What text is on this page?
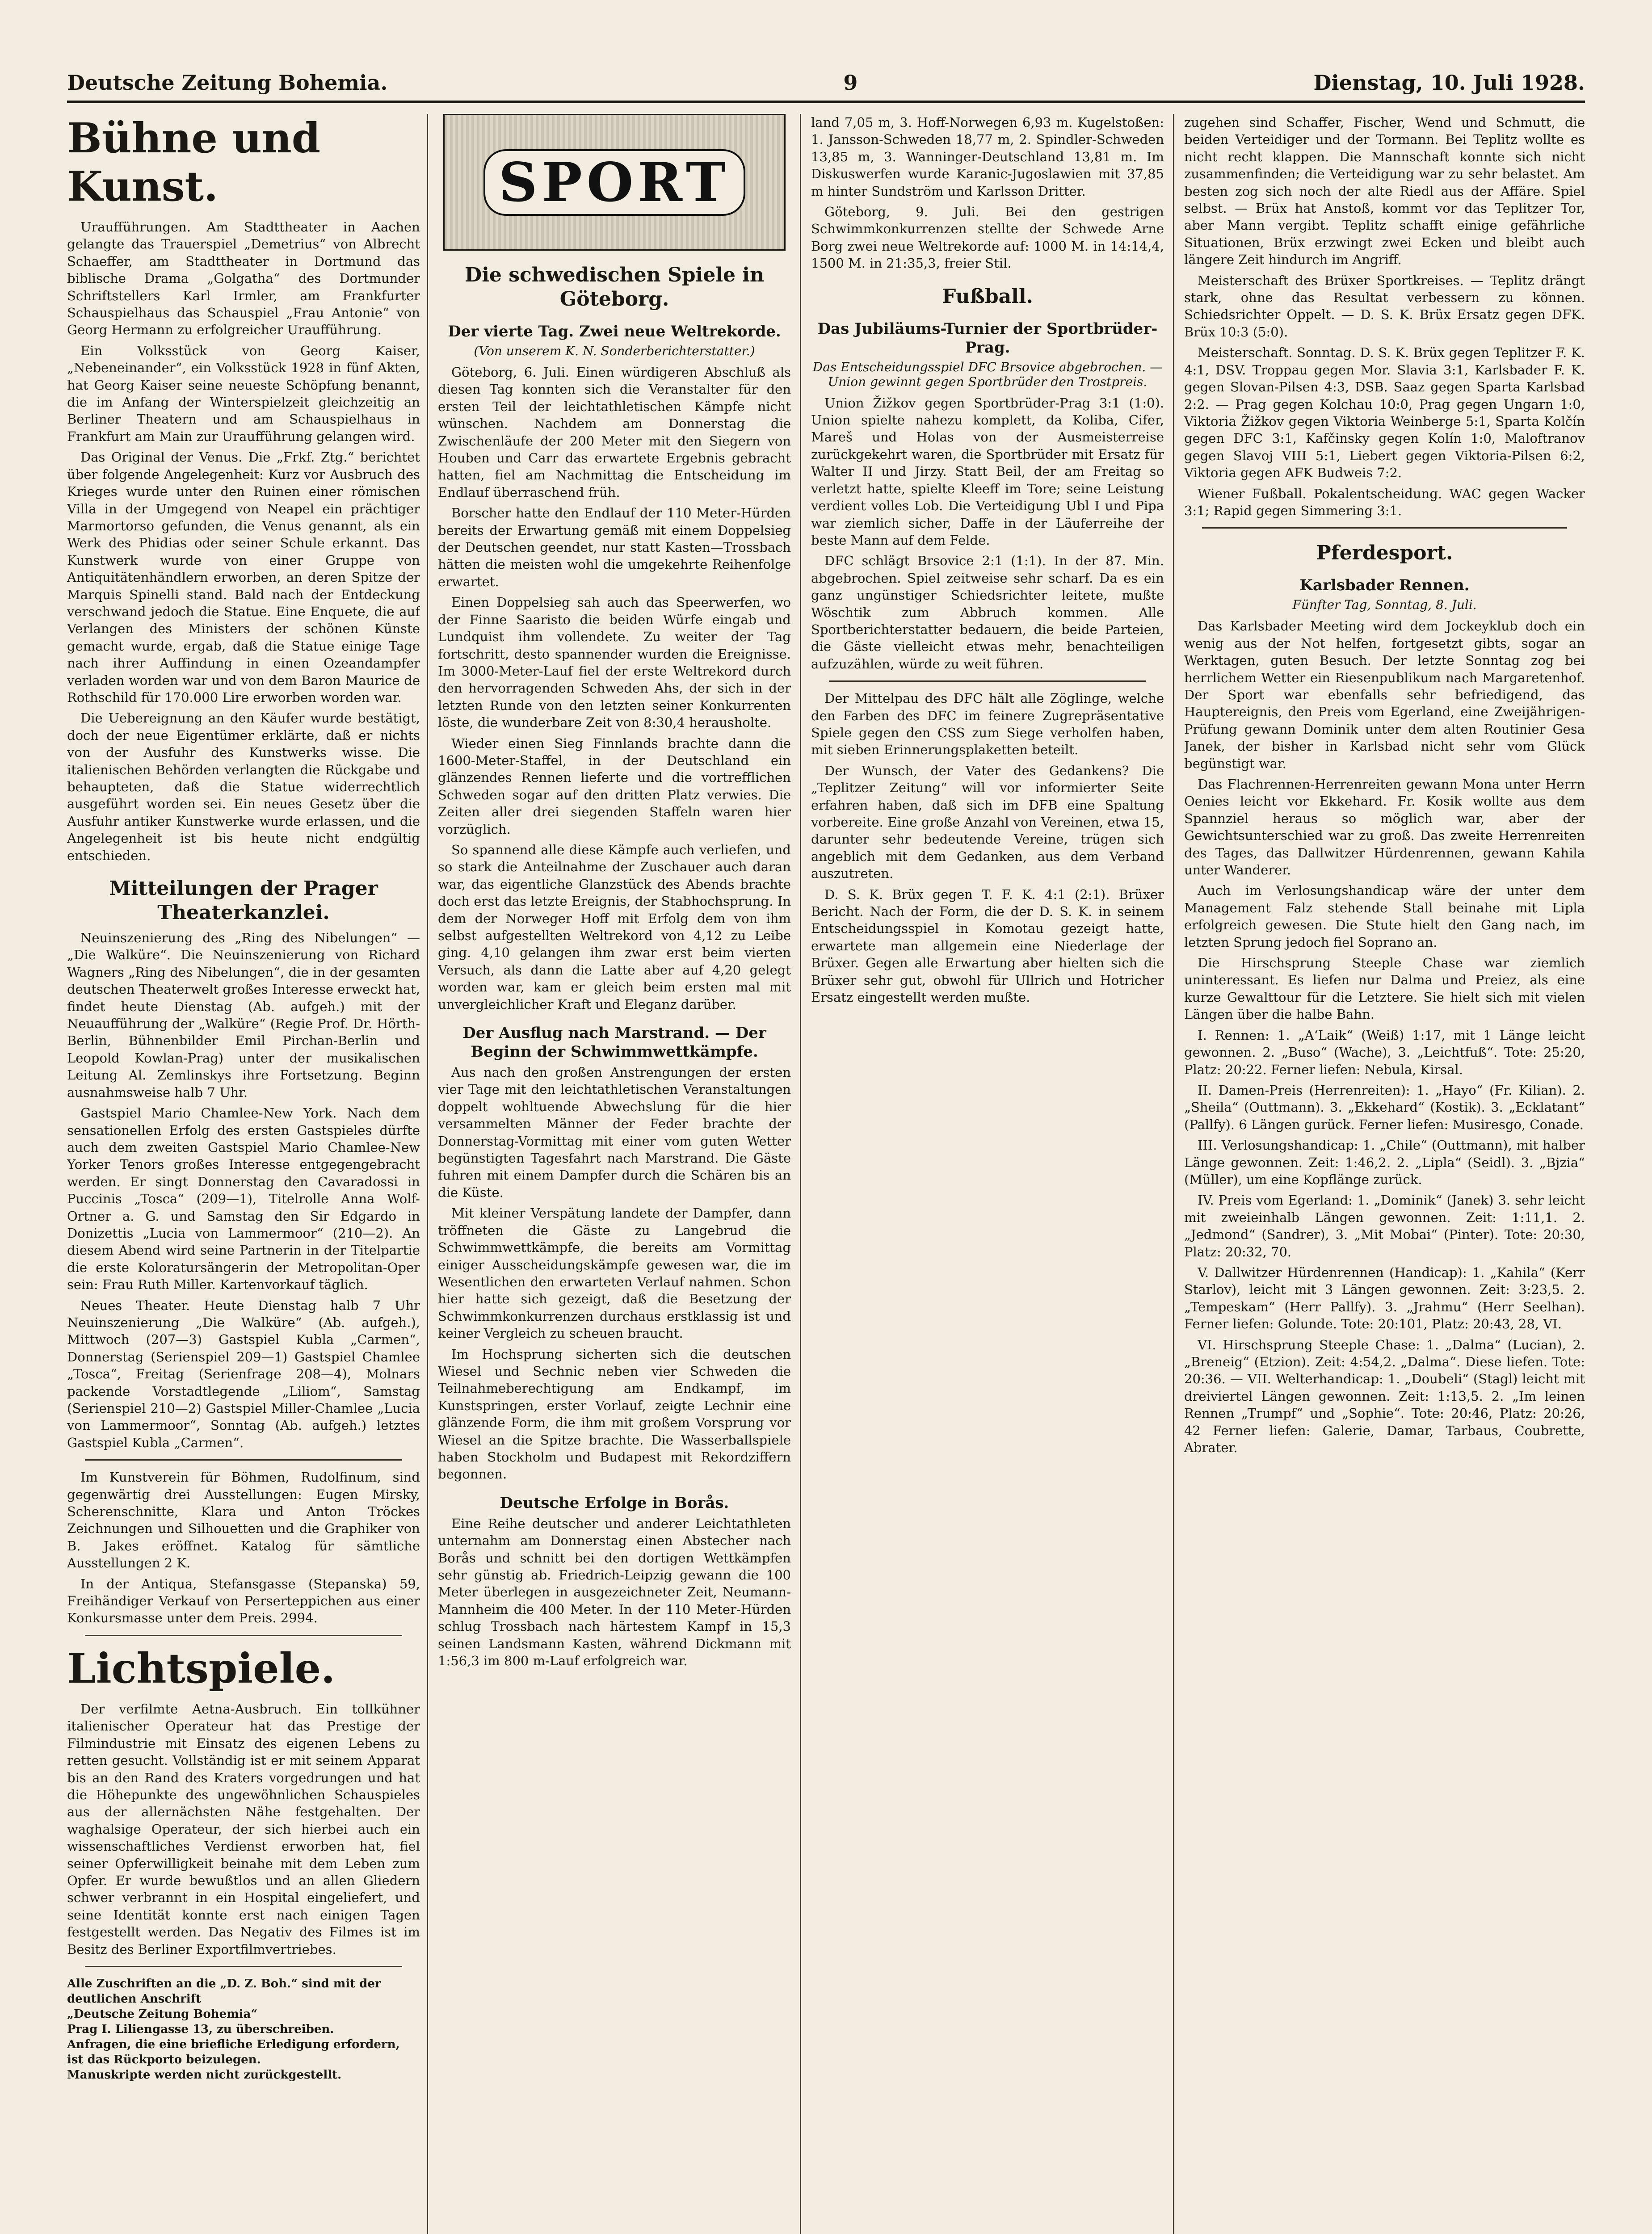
Deutsche Zeitung Bohemia.	9	Dienstag, 10. Juli 1928.
Bühne und Kunst.

Uraufführungen. Am Stadttheater in Aachen gelangte das Trauerspiel „Demetrius“ von Albrecht Schaeffer, am Stadttheater in Dortmund das biblische Drama „Golgatha“ des Dortmunder Schriftstellers Karl Irmler, am Frankfurter Schauspielhaus das Schauspiel „Frau Antonie“ von Georg Hermann zu erfolgreicher Uraufführung.

Ein Volksstück von Georg Kaiser, „Nebeneinander“, ein Volksstück 1928 in fünf Akten, hat Georg Kaiser seine neueste Schöpfung benannt, die im Anfang der Winterspielzeit gleichzeitig an Berliner Theatern und am Schauspielhaus in Frankfurt am Main zur Uraufführung gelangen wird.

Das Original der Venus. Die „Frkf. Ztg.“ berichtet über folgende Angelegenheit: Kurz vor Ausbruch des Krieges wurde unter den Ruinen einer römischen Villa in der Umgegend von Neapel ein prächtiger Marmortorso gefunden, die Venus genannt, als ein Werk des Phidias oder seiner Schule erkannt. Das Kunstwerk wurde von einer Gruppe von Antiquitätenhändlern erworben, an deren Spitze der Marquis Spinelli stand. Bald nach der Entdeckung verschwand jedoch die Statue. Eine Enquete, die auf Verlangen des Ministers der schönen Künste gemacht wurde, ergab, daß die Statue einige Tage nach ihrer Auffindung in einen Ozeandampfer verladen worden war und von dem Baron Maurice de Rothschild für 170.000 Lire erworben worden war.

Die Uebereignung an den Käufer wurde bestätigt, doch der neue Eigentümer erklärte, daß er nichts von der Ausfuhr des Kunstwerks wisse. Die italienischen Behörden verlangten die Rückgabe und behaupteten, daß die Statue widerrechtlich ausgeführt worden sei. Ein neues Gesetz über die Ausfuhr antiker Kunstwerke wurde erlassen, und die Angelegenheit ist bis heute nicht endgültig entschieden.

Mitteilungen der Prager Theaterkanzlei.

Neuinszenierung des „Ring des Nibelungen“ — „Die Walküre“. Die Neuinszenierung von Richard Wagners „Ring des Nibelungen“, die in der gesamten deutschen Theaterwelt großes Interesse erweckt hat, findet heute Dienstag (Ab. aufgeh.) mit der Neuaufführung der „Walküre“ (Regie Prof. Dr. Hörth-Berlin, Bühnenbilder Emil Pirchan-Berlin und Leopold Kowlan-Prag) unter der musikalischen Leitung Al. Zemlinskys ihre Fortsetzung. Beginn ausnahmsweise halb 7 Uhr.

Gastspiel Mario Chamlee-New York. Nach dem sensationellen Erfolg des ersten Gastspieles dürfte auch dem zweiten Gastspiel Mario Chamlee-New Yorker Tenors großes Interesse entgegengebracht werden. Er singt Donnerstag den Cavaradossi in Puccinis „Tosca“ (209—1), Titelrolle Anna Wolf-Ortner a. G. und Samstag den Sir Edgardo in Donizettis „Lucia von Lammermoor“ (210—2). An diesem Abend wird seine Partnerin in der Titelpartie die erste Koloratursängerin der Metropolitan-Oper sein: Frau Ruth Miller. Kartenvorkauf täglich.

Neues Theater. Heute Dienstag halb 7 Uhr Neuinszenierung „Die Walküre“ (Ab. aufgeh.), Mittwoch (207—3) Gastspiel Kubla „Carmen“, Donnerstag (Serienspiel 209—1) Gastspiel Chamlee „Tosca“, Freitag (Serienfrage 208—4), Molnars packende Vorstadtlegende „Liliom“, Samstag (Serienspiel 210—2) Gastspiel Miller-Chamlee „Lucia von Lammermoor“, Sonntag (Ab. aufgeh.) letztes Gastspiel Kubla „Carmen“.

Im Kunstverein für Böhmen, Rudolfinum, sind gegenwärtig drei Ausstellungen: Eugen Mirsky, Scherenschnitte, Klara und Anton Tröckes Zeichnungen und Silhouetten und die Graphiker von B. Jakes eröffnet. Katalog für sämtliche Ausstellungen 2 K.

In der Antiqua, Stefansgasse (Stepanska) 59, Freihändiger Verkauf von Perserteppichen aus einer Konkursmasse unter dem Preis. 2994.

Lichtspiele.

Der verfilmte Aetna-Ausbruch. Ein tollkühner italienischer Operateur hat das Prestige der Filmindustrie mit Einsatz des eigenen Lebens zu retten gesucht. Vollständig ist er mit seinem Apparat bis an den Rand des Kraters vorgedrungen und hat die Höhepunkte des ungewöhnlichen Schauspieles aus der allernächsten Nähe festgehalten. Der waghalsige Operateur, der sich hierbei auch ein wissenschaftliches Verdienst erworben hat, fiel seiner Opferwilligkeit beinahe mit dem Leben zum Opfer. Er wurde bewußtlos und an allen Gliedern schwer verbrannt in ein Hospital eingeliefert, und seine Identität konnte erst nach einigen Tagen festgestellt werden. Das Negativ des Filmes ist im Besitz des Berliner Exportfilmvertriebes.

Alle Zuschriften an die „D. Z. Boh.“ sind mit der deutlichen Anschrift
„Deutsche Zeitung Bohemia“
Prag I. Liliengasse 13, zu überschreiben.
Anfragen, die eine briefliche Erledigung erfordern, ist das Rückporto beizulegen.
Manuskripte werden nicht zurückgestellt.
SPORT
Die schwedischen Spiele in Göteborg.
Der vierte Tag. Zwei neue Weltrekorde.
(Von unserem K. N. Sonderberichterstatter.)

Göteborg, 6. Juli. Einen würdigeren Abschluß als diesen Tag konnten sich die Veranstalter für den ersten Teil der leichtathletischen Kämpfe nicht wünschen. Nachdem am Donnerstag die Zwischenläufe der 200 Meter mit den Siegern von Houben und Carr das erwartete Ergebnis gebracht hatten, fiel am Nachmittag die Entscheidung im Endlauf überraschend früh.

Borscher hatte den Endlauf der 110 Meter-Hürden bereits der Erwartung gemäß mit einem Doppelsieg der Deutschen geendet, nur statt Kasten—Trossbach hätten die meisten wohl die umgekehrte Reihenfolge erwartet.

Einen Doppelsieg sah auch das Speerwerfen, wo der Finne Saaristo die beiden Würfe eingab und Lundquist ihm vollendete. Zu weiter der Tag fortschritt, desto spannender wurden die Ereignisse. Im 3000-Meter-Lauf fiel der erste Weltrekord durch den hervorragenden Schweden Ahs, der sich in der letzten Runde von den letzten seiner Konkurrenten löste, die wunderbare Zeit von 8:30,4 herausholte.

Wieder einen Sieg Finnlands brachte dann die 1600-Meter-Staffel, in der Deutschland ein glänzendes Rennen lieferte und die vortrefflichen Schweden sogar auf den dritten Platz verwies. Die Zeiten aller drei siegenden Staffeln waren hier vorzüglich.

So spannend alle diese Kämpfe auch verliefen, und so stark die Anteilnahme der Zuschauer auch daran war, das eigentliche Glanzstück des Abends brachte doch erst das letzte Ereignis, der Stabhochsprung. In dem der Norweger Hoff mit Erfolg dem von ihm selbst aufgestellten Weltrekord von 4,12 zu Leibe ging. 4,10 gelangen ihm zwar erst beim vierten Versuch, als dann die Latte aber auf 4,20 gelegt worden war, kam er gleich beim ersten mal mit unvergleichlicher Kraft und Eleganz darüber.

Der Ausflug nach Marstrand. — Der Beginn der Schwimmwettkämpfe.

Aus nach den großen Anstrengungen der ersten vier Tage mit den leichtathletischen Veranstaltungen doppelt wohltuende Abwechslung für die hier versammelten Männer der Feder brachte der Donnerstag-Vormittag mit einer vom guten Wetter begünstigten Tagesfahrt nach Marstrand. Die Gäste fuhren mit einem Dampfer durch die Schären bis an die Küste.

Mit kleiner Verspätung landete der Dampfer, dann tröffneten die Gäste zu Langebrud die Schwimmwettkämpfe, die bereits am Vormittag einiger Ausscheidungskämpfe gewesen war, die im Wesentlichen den erwarteten Verlauf nahmen. Schon hier hatte sich gezeigt, daß die Besetzung der Schwimmkonkurrenzen durchaus erstklassig ist und keiner Vergleich zu scheuen braucht.

Im Hochsprung sicherten sich die deutschen Wiesel und Sechnic neben vier Schweden die Teilnahmeberechtigung am Endkampf, im Kunstspringen, erster Vorlauf, zeigte Lechnir eine glänzende Form, die ihm mit großem Vorsprung vor Wiesel an die Spitze brachte. Die Wasserballspiele haben Stockholm und Budapest mit Rekordziffern begonnen.

Deutsche Erfolge in Borås.

Eine Reihe deutscher und anderer Leichtathleten unternahm am Donnerstag einen Abstecher nach Borås und schnitt bei den dortigen Wettkämpfen sehr günstig ab. Friedrich-Leipzig gewann die 100 Meter überlegen in ausgezeichneter Zeit, Neumann-Mannheim die 400 Meter. In der 110 Meter-Hürden schlug Trossbach nach härtestem Kampf in 15,3 seinen Landsmann Kasten, während Dickmann mit 1:56,3 im 800 m-Lauf erfolgreich war.

land 7,05 m, 3. Hoff-Norwegen 6,93 m. Kugelstoßen: 1. Jansson-Schweden 18,77 m, 2. Spindler-Schweden 13,85 m, 3. Wanninger-Deutschland 13,81 m. Im Diskuswerfen wurde Karanic-Jugoslawien mit 37,85 m hinter Sundström und Karlsson Dritter.

Göteborg, 9. Juli. Bei den gestrigen Schwimmkonkurrenzen stellte der Schwede Arne Borg zwei neue Weltrekorde auf: 1000 M. in 14:14,4, 1500 M. in 21:35,3, freier Stil.

Fußball.
Das Jubiläums-Turnier der Sportbrüder-Prag.
Das Entscheidungsspiel DFC Brsovice abgebrochen. — Union gewinnt gegen Sportbrüder den Trostpreis.

Union Žižkov gegen Sportbrüder-Prag 3:1 (1:0). Union spielte nahezu komplett, da Koliba, Cifer, Mareš und Holas von der Ausmeisterreise zurückgekehrt waren, die Sportbrüder mit Ersatz für Walter II und Jirzy. Statt Beil, der am Freitag so verletzt hatte, spielte Kleeff im Tore; seine Leistung verdient volles Lob. Die Verteidigung Ubl I und Pipa war ziemlich sicher, Daffe in der Läuferreihe der beste Mann auf dem Felde.

DFC schlägt Brsovice 2:1 (1:1). In der 87. Min. abgebrochen. Spiel zeitweise sehr scharf. Da es ein ganz ungünstiger Schiedsrichter leitete, mußte Wöschtik zum Abbruch kommen. Alle Sportberichterstatter bedauern, die beide Parteien, die Gäste vielleicht etwas mehr, benachteiligen aufzuzählen, würde zu weit führen.

Der Mittelpau des DFC hält alle Zöglinge, welche den Farben des DFC im feinere Zugrepräsentative Spiele gegen den CSS zum Siege verholfen haben, mit sieben Erinnerungsplaketten beteilt.

Der Wunsch, der Vater des Gedankens? Die „Teplitzer Zeitung“ will vor informierter Seite erfahren haben, daß sich im DFB eine Spaltung vorbereite. Eine große Anzahl von Vereinen, etwa 15, darunter sehr bedeutende Vereine, trügen sich angeblich mit dem Gedanken, aus dem Verband auszutreten.

D. S. K. Brüx gegen T. F. K. 4:1 (2:1). Brüxer Bericht. Nach der Form, die der D. S. K. in seinem Entscheidungsspiel in Komotau gezeigt hatte, erwartete man allgemein eine Niederlage der Brüxer. Gegen alle Erwartung aber hielten sich die Brüxer sehr gut, obwohl für Ullrich und Hotricher Ersatz eingestellt werden mußte.

zugehen sind Schaffer, Fischer, Wend und Schmutt, die beiden Verteidiger und der Tormann. Bei Teplitz wollte es nicht recht klappen. Die Mannschaft konnte sich nicht zusammenfinden; die Verteidigung war zu sehr belastet. Am besten zog sich noch der alte Riedl aus der Affäre. Spiel selbst. — Brüx hat Anstoß, kommt vor das Teplitzer Tor, aber Mann vergibt. Teplitz schafft einige gefährliche Situationen, Brüx erzwingt zwei Ecken und bleibt auch längere Zeit hindurch im Angriff.

Meisterschaft des Brüxer Sportkreises. — Teplitz drängt stark, ohne das Resultat verbessern zu können. Schiedsrichter Oppelt. — D. S. K. Brüx Ersatz gegen DFK. Brüx 10:3 (5:0).

Meisterschaft. Sonntag. D. S. K. Brüx gegen Teplitzer F. K. 4:1, DSV. Troppau gegen Mor. Slavia 3:1, Karlsbader F. K. gegen Slovan-Pilsen 4:3, DSB. Saaz gegen Sparta Karlsbad 2:2. — Prag gegen Kolchau 10:0, Prag gegen Ungarn 1:0, Viktoria Žižkov gegen Viktoria Weinberge 5:1, Sparta Kolčín gegen DFC 3:1, Kafčinsky gegen Kolín 1:0, Maloftranov gegen Slavoj VIII 5:1, Liebert gegen Viktoria-Pilsen 6:2, Viktoria gegen AFK Budweis 7:2.

Wiener Fußball. Pokalentscheidung. WAC gegen Wacker 3:1; Rapid gegen Simmering 3:1.

Pferdesport.
Karlsbader Rennen.
Fünfter Tag, Sonntag, 8. Juli.

Das Karlsbader Meeting wird dem Jockeyklub doch ein wenig aus der Not helfen, fortgesetzt gibts, sogar an Werktagen, guten Besuch. Der letzte Sonntag zog bei herrlichem Wetter ein Riesenpublikum nach Margaretenhof. Der Sport war ebenfalls sehr befriedigend, das Hauptereignis, den Preis vom Egerland, eine Zweijährigen-Prüfung gewann Dominik unter dem alten Routinier Gesa Janek, der bisher in Karlsbad nicht sehr vom Glück begünstigt war.

Das Flachrennen-Herrenreiten gewann Mona unter Herrn Oenies leicht vor Ekkehard. Fr. Kosik wollte aus dem Spannziel heraus so möglich war, aber der Gewichtsunterschied war zu groß. Das zweite Herrenreiten des Tages, das Dallwitzer Hürdenrennen, gewann Kahila unter Wanderer.

Auch im Verlosungshandicap wäre der unter dem Management Falz stehende Stall beinahe mit Lipla erfolgreich gewesen. Die Stute hielt den Gang nach, im letzten Sprung jedoch fiel Soprano an.

Die Hirschsprung Steeple Chase war ziemlich uninteressant. Es liefen nur Dalma und Preiez, als eine kurze Gewalttour für die Letztere. Sie hielt sich mit vielen Längen über die halbe Bahn.

I. Rennen: 1. „A‘Laik“ (Weiß) 1:17, mit 1 Länge leicht gewonnen. 2. „Buso“ (Wache), 3. „Leichtfuß“. Tote: 25:20, Platz: 20:22. Ferner liefen: Nebula, Kirsal.

II. Damen-Preis (Herrenreiten): 1. „Hayo“ (Fr. Kilian). 2. „Sheila“ (Outtmann). 3. „Ekkehard“ (Kostik). 3. „Ecklatant“ (Pallfy). 6 Längen gurück. Ferner liefen: Musiresgo, Conade.

III. Verlosungshandicap: 1. „Chile“ (Outtmann), mit halber Länge gewonnen. Zeit: 1:46,2. 2. „Lipla“ (Seidl). 3. „Bjzia“ (Müller), um eine Kopflänge zurück.

IV. Preis vom Egerland: 1. „Dominik“ (Janek) 3. sehr leicht mit zweieinhalb Längen gewonnen. Zeit: 1:11,1. 2. „Jedmond“ (Sandrer), 3. „Mit Mobai“ (Pinter). Tote: 20:30, Platz: 20:32, 70.

V. Dallwitzer Hürdenrennen (Handicap): 1. „Kahila“ (Kerr Starlov), leicht mit 3 Längen gewonnen. Zeit: 3:23,5. 2. „Tempeskam“ (Herr Pallfy). 3. „Jrahmu“ (Herr Seelhan). Ferner liefen: Golunde. Tote: 20:101, Platz: 20:43, 28, VI.

VI. Hirschsprung Steeple Chase: 1. „Dalma“ (Lucian), 2. „Breneig“ (Etzion). Zeit: 4:54,2. „Dalma“. Diese liefen. Tote: 20:36. — VII. Welterhandicap: 1. „Doubeli“ (Stagl) leicht mit dreiviertel Längen gewonnen. Zeit: 1:13,5. 2. „Im leinen Rennen „Trumpf“ und „Sophie“. Tote: 20:46, Platz: 20:26, 42 Ferner liefen: Galerie, Damar, Tarbaus, Coubrette, Abrater.
